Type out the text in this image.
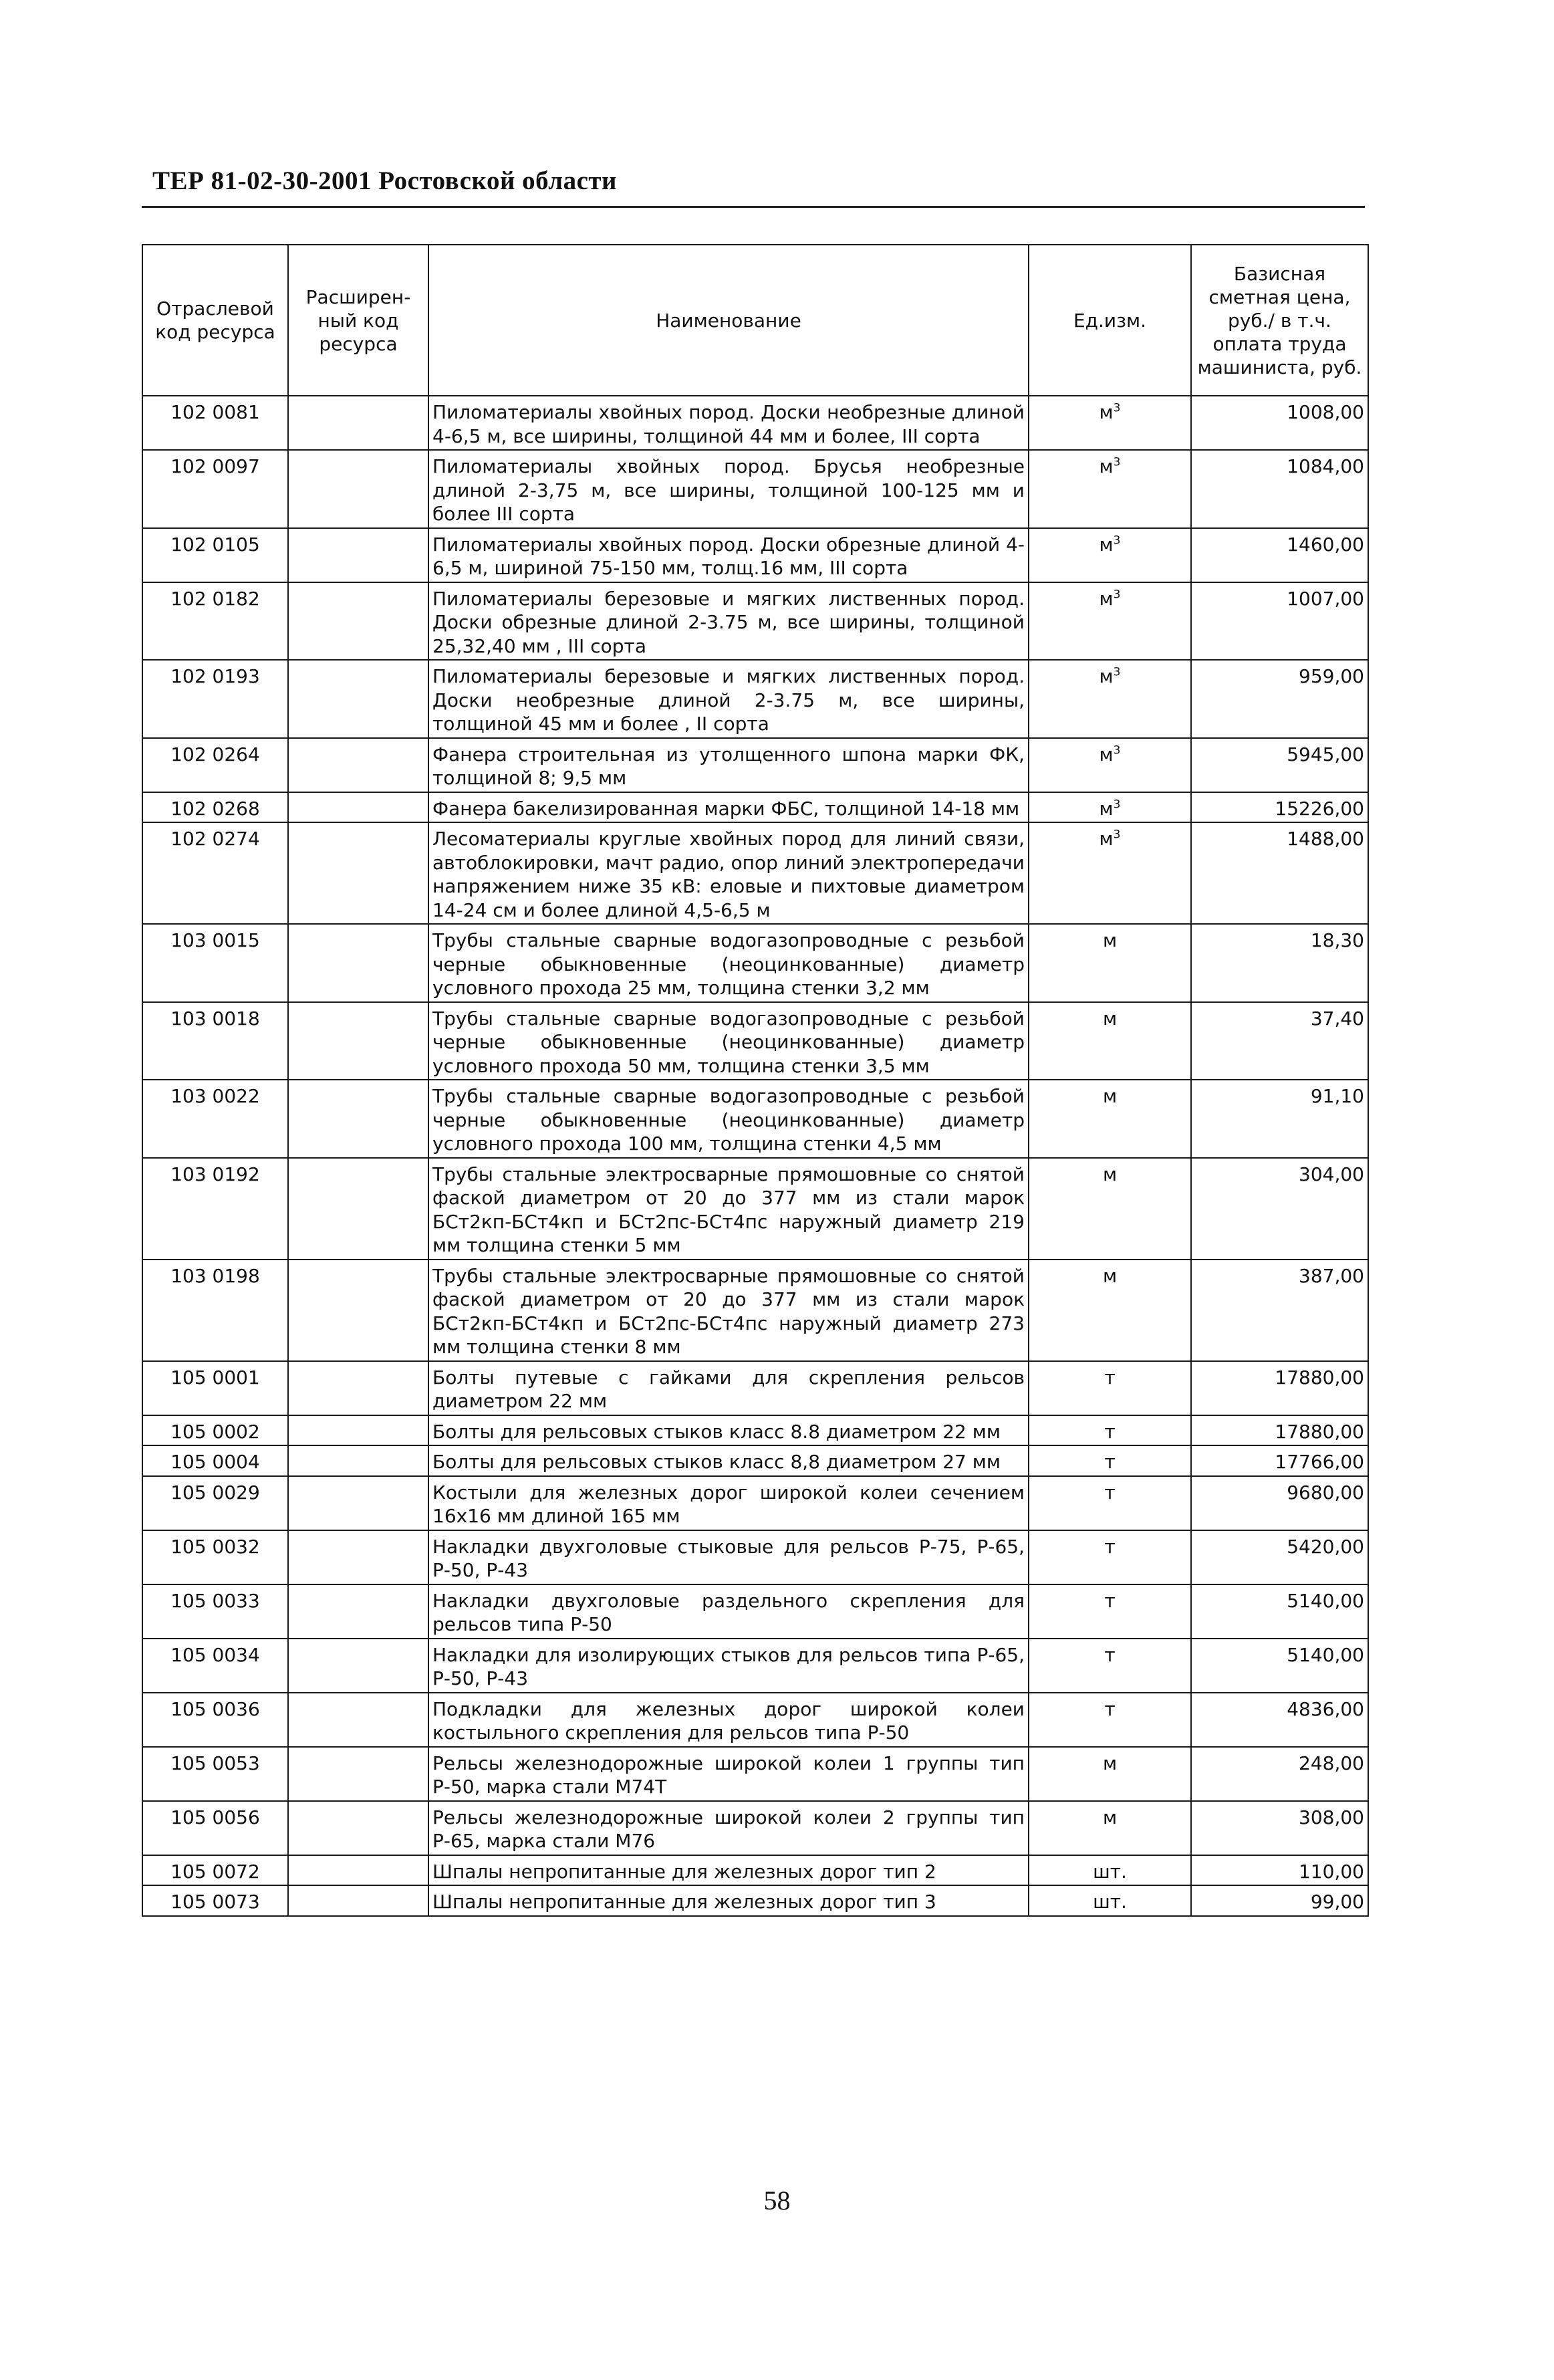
ТЕР 81-02-30-2001 Ростовской области
Отраслевой код ресурса	Расширен-ный код ресурса	Наименование	Ед.изм.	Базисная сметная цена, руб./ в т.ч. оплата труда машиниста, руб.
102 0081		Пиломатериалы хвойных пород. Доски необрезные длиной 4-6,5 м, все ширины, толщиной 44 мм и более, III сорта	$м^3$	1008,00
102 0097		Пиломатериалы хвойных пород. Брусья необрезные длиной 2-3,75 м, все ширины, толщиной 100-125 мм и более III сорта	$м^3$	1084,00
102 0105		Пиломатериалы хвойных пород. Доски обрезные длиной 4-6,5 м, шириной 75-150 мм, толщ.16 мм, III сорта	$м^3$	1460,00
102 0182		Пиломатериалы березовые и мягких лиственных пород. Доски обрезные длиной 2-3.75 м, все ширины, толщиной 25,32,40 мм , III сорта	$м^3$	1007,00
102 0193		Пиломатериалы березовые и мягких лиственных пород. Доски необрезные длиной 2-3.75 м, все ширины, толщиной 45 мм и более , II сорта	$м^3$	959,00
102 0264		Фанера строительная из утолщенного шпона марки ФК, толщиной 8; 9,5 мм	$м^3$	5945,00
102 0268		Фанера бакелизированная марки ФБС, толщиной 14-18 мм	$м^3$	15226,00
102 0274		Лесоматериалы круглые хвойных пород для линий связи, автоблокировки, мачт радио, опор линий электропередачи напряжением ниже 35 кВ: еловые и пихтовые диаметром 14-24 см и более длиной 4,5-6,5 м	$м^3$	1488,00
103 0015		Трубы стальные сварные водогазопроводные с резьбой черные обыкновенные (неоцинкованные) диаметр условного прохода 25 мм, толщина стенки 3,2 мм	м	18,30
103 0018		Трубы стальные сварные водогазопроводные с резьбой черные обыкновенные (неоцинкованные) диаметр условного прохода 50 мм, толщина стенки 3,5 мм	м	37,40
103 0022		Трубы стальные сварные водогазопроводные с резьбой черные обыкновенные (неоцинкованные) диаметр условного прохода 100 мм, толщина стенки 4,5 мм	м	91,10
103 0192		Трубы стальные электросварные прямошовные со снятой фаской диаметром от 20 до 377 мм из стали марок БСт2кп-БСт4кп и БСт2пс-БСт4пс наружный диаметр 219 мм толщина стенки 5 мм	м	304,00
103 0198		Трубы стальные электросварные прямошовные со снятой фаской диаметром от 20 до 377 мм из стали марок БСт2кп-БСт4кп и БСт2пс-БСт4пс наружный диаметр 273 мм толщина стенки 8 мм	м	387,00
105 0001		Болты путевые с гайками для скрепления рельсов диаметром 22 мм	т	17880,00
105 0002		Болты для рельсовых стыков класс 8.8 диаметром 22 мм	т	17880,00
105 0004		Болты для рельсовых стыков класс 8,8 диаметром 27 мм	т	17766,00
105 0029		Костыли для железных дорог широкой колеи сечением 16х16 мм длиной 165 мм	т	9680,00
105 0032		Накладки двухголовые стыковые для рельсов Р-75, Р-65, Р-50, Р-43	т	5420,00
105 0033		Накладки двухголовые раздельного скрепления для рельсов типа Р-50	т	5140,00
105 0034		Накладки для изолирующих стыков для рельсов типа Р-65, Р-50, Р-43	т	5140,00
105 0036		Подкладки для железных дорог широкой колеи костыльного скрепления для рельсов типа Р-50	т	4836,00
105 0053		Рельсы железнодорожные широкой колеи 1 группы тип Р-50, марка стали М74Т	м	248,00
105 0056		Рельсы железнодорожные широкой колеи 2 группы тип Р-65, марка стали М76	м	308,00
105 0072		Шпалы непропитанные для железных дорог тип 2	шт.	110,00
105 0073		Шпалы непропитанные для железных дорог тип 3	шт.	99,00
58
